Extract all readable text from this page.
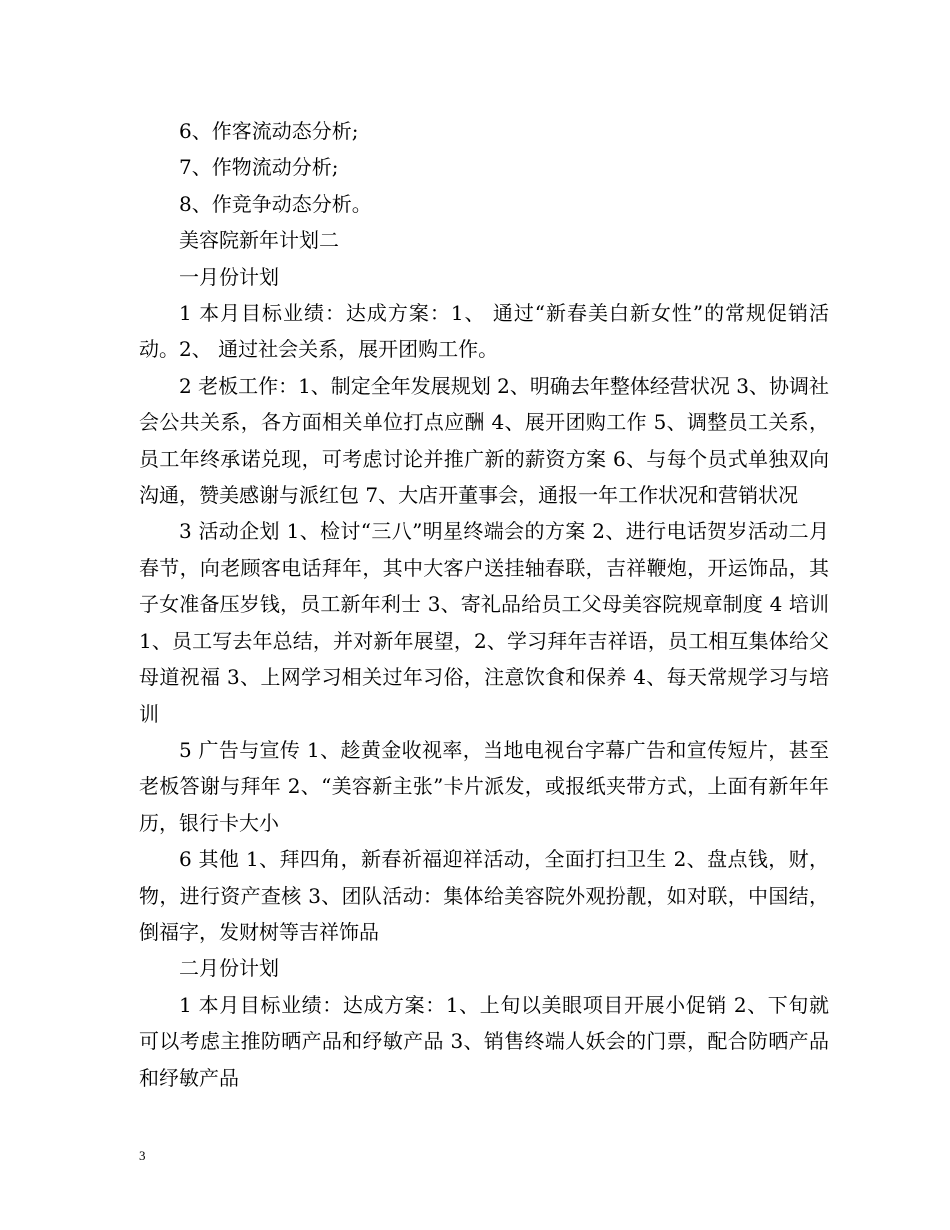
6、作客流动态分析;

7、作物流动分析;

8、作竞争动态分析。

美容院新年计划二

一月份计划

1 本月目标业绩：达成方案：1、 通过“新春美白新女性”的常规促销活动。2、 通过社会关系，展开团购工作。

2 老板工作：1、制定全年发展规划 2、明确去年整体经营状况 3、协调社会公共关系，各方面相关单位打点应酬 4、展开团购工作 5、调整员工关系，员工年终承诺兑现，可考虑讨论并推广新的薪资方案 6、与每个员式单独双向沟通，赞美感谢与派红包 7、大店开董事会，通报一年工作状况和营销状况

3 活动企划 1、检讨“三八”明星终端会的方案 2、进行电话贺岁活动二月春节，向老顾客电话拜年，其中大客户送挂轴春联，吉祥鞭炮，开运饰品，其子女准备压岁钱，员工新年利士 3、寄礼品给员工父母美容院规章制度 4 培训 1、员工写去年总结，并对新年展望，2、学习拜年吉祥语，员工相互集体给父母道祝福 3、上网学习相关过年习俗，注意饮食和保养 4、每天常规学习与培训

5 广告与宣传 1、趁黄金收视率，当地电视台字幕广告和宣传短片，甚至老板答谢与拜年 2、“美容新主张”卡片派发，或报纸夹带方式，上面有新年年历，银行卡大小

6 其他 1、拜四角，新春祈福迎祥活动，全面打扫卫生 2、盘点钱，财，物，进行资产查核 3、团队活动：集体给美容院外观扮靓，如对联，中国结，倒福字，发财树等吉祥饰品

二月份计划

1 本月目标业绩：达成方案：1、上旬以美眼项目开展小促销 2、下旬就可以考虑主推防晒产品和纾敏产品 3、销售终端人妖会的门票，配合防晒产品和纾敏产品

3
